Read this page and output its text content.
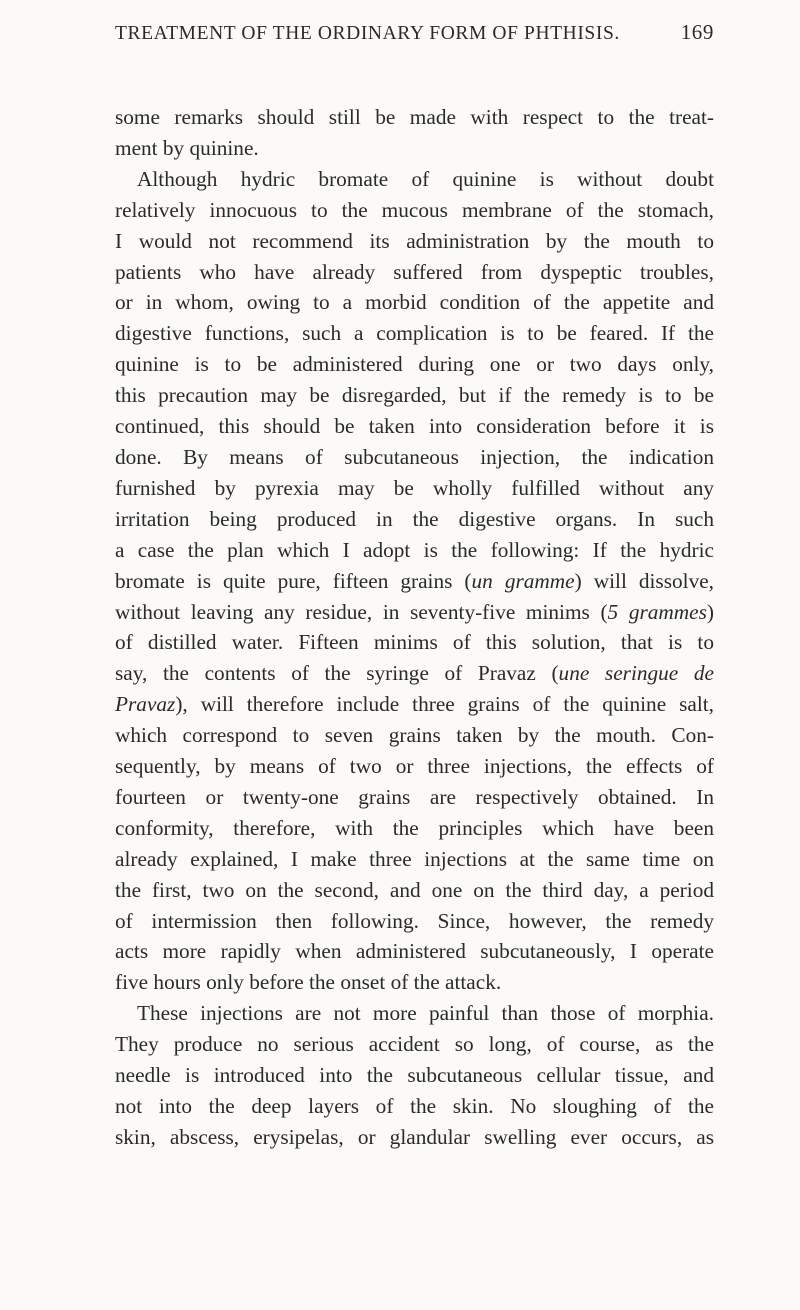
TREATMENT OF THE ORDINARY FORM OF PHTHISIS.	169
some remarks should still be made with respect to the treat-
ment by quinine.
Although hydric bromate of quinine is without doubt
relatively innocuous to the mucous membrane of the stomach,
I would not recommend its administration by the mouth to
patients who have already suffered from dyspeptic troubles,
or in whom, owing to a morbid condition of the appetite and
digestive functions, such a complication is to be feared. If the
quinine is to be administered during one or two days only,
this precaution may be disregarded, but if the remedy is to be
continued, this should be taken into consideration before it is
done. By means of subcutaneous injection, the indication
furnished by pyrexia may be wholly fulfilled without any
irritation being produced in the digestive organs. In such
a case the plan which I adopt is the following: If the hydric
bromate is quite pure, fifteen grains (un gramme) will dissolve,
without leaving any residue, in seventy-five minims (5 grammes)
of distilled water. Fifteen minims of this solution, that is to
say, the contents of the syringe of Pravaz (une seringue de
Pravaz), will therefore include three grains of the quinine salt,
which correspond to seven grains taken by the mouth. Con-
sequently, by means of two or three injections, the effects of
fourteen or twenty-one grains are respectively obtained. In
conformity, therefore, with the principles which have been
already explained, I make three injections at the same time on
the first, two on the second, and one on the third day, a period
of intermission then following. Since, however, the remedy
acts more rapidly when administered subcutaneously, I operate
five hours only before the onset of the attack.
These injections are not more painful than those of morphia.
They produce no serious accident so long, of course, as the
needle is introduced into the subcutaneous cellular tissue, and
not into the deep layers of the skin. No sloughing of the
skin, abscess, erysipelas, or glandular swelling ever occurs, as
